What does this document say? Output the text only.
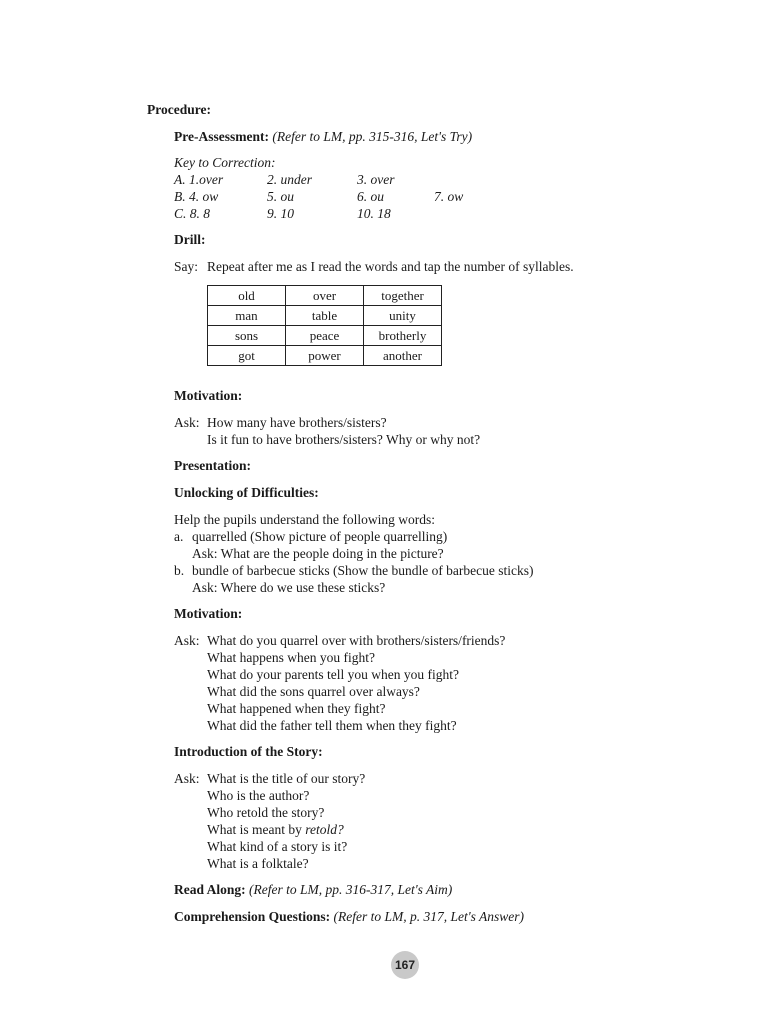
Procedure:
Pre-Assessment: (Refer to LM, pp. 315-316, Let's Try)
Key to Correction:
A. 1.over	2. under	3. over
B. 4. ow	5. ou	6. ou	7. ow
C. 8. 8	9. 10	10. 18
Drill:
Say: Repeat after me as I read the words and tap the number of syllables.
old	over	together
man	table	unity
sons	peace	brotherly
got	power	another
Motivation:
Ask: How many have brothers/sisters?
Is it fun to have brothers/sisters? Why or why not?
Presentation:
Unlocking of Difficulties:
Help the pupils understand the following words:
a. quarrelled (Show picture of people quarrelling)
Ask: What are the people doing in the picture?
b. bundle of barbecue sticks (Show the bundle of barbecue sticks)
Ask: Where do we use these sticks?
Motivation:
Ask: What do you quarrel over with brothers/sisters/friends?
What happens when you fight?
What do your parents tell you when you fight?
What did the sons quarrel over always?
What happened when they fight?
What did the father tell them when they fight?
Introduction of the Story:
Ask: What is the title of our story?
Who is the author?
Who retold the story?
What is meant by retold?
What kind of a story is it?
What is a folktale?
Read Along: (Refer to LM, pp. 316-317, Let's Aim)
Comprehension Questions: (Refer to LM, p. 317, Let's Answer)
167
